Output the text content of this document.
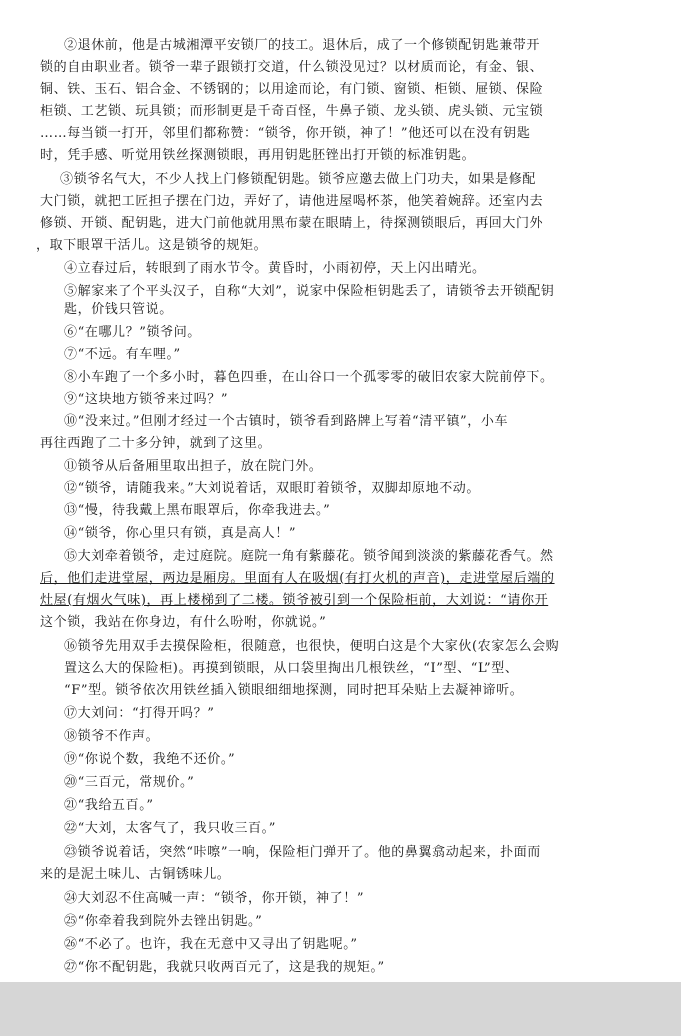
②退休前，他是古城湘潭平安锁厂的技工。退休后，成了一个修锁配钥匙兼带开
锁的自由职业者。锁爷一辈子跟锁打交道，什么锁没见过？以材质而论，有金、银、
铜、铁、玉石、铝合金、不锈钢的；以用途而论，有门锁、窗锁、柜锁、屉锁、保险
柜锁、工艺锁、玩具锁；而形制更是千奇百怪，牛鼻子锁、龙头锁、虎头锁、元宝锁
……每当锁一打开，邻里们都称赞：“锁爷，你开锁，神了！”他还可以在没有钥匙
时，凭手感、听觉用铁丝探测锁眼，再用钥匙胚锉出打开锁的标准钥匙。
③锁爷名气大，不少人找上门修锁配钥匙。锁爷应邀去做上门功夫，如果是修配
大门锁，就把工匠担子摆在门边，弄好了，请他进屋喝杯茶，他笑着婉辞。还室内去
修锁、开锁、配钥匙，进大门前他就用黑布蒙在眼睛上，待探测锁眼后，再回大门外
，取下眼罩干活儿。这是锁爷的规矩。
④立春过后，转眼到了雨水节令。黄昏时，小雨初停，天上闪出晴光。
⑤解家来了个平头汉子，自称“大刘”，说家中保险柜钥匙丢了，请锁爷去开锁配钥
匙，价钱只管说。
⑥“在哪儿？”锁爷问。
⑦“不远。有车哩。”
⑧小车跑了一个多小时，暮色四垂，在山谷口一个孤零零的破旧农家大院前停下。
⑨“这块地方锁爷来过吗？”
⑩“没来过。”但刚才经过一个古镇时，锁爷看到路牌上写着“清平镇”，小车
再往西跑了二十多分钟，就到了这里。
⑪锁爷从后备厢里取出担子，放在院门外。
⑫“锁爷，请随我来。”大刘说着话，双眼盯着锁爷，双脚却原地不动。
⑬“慢，待我戴上黑布眼罩后，你牵我进去。”
⑭“锁爷，你心里只有锁，真是高人！”
⑮大刘牵着锁爷，走过庭院。庭院一角有紫藤花。锁爷闻到淡淡的紫藤花香气。然
后，他们走进堂屋，两边是厢房。里面有人在吸烟(有打火机的声音)，走进堂屋后端的
灶屋(有烟火气味)，再上楼梯到了二楼。锁爷被引到一个保险柜前，大刘说：“请你开
这个锁，我站在你身边，有什么吩咐，你就说。”
⑯锁爷先用双手去摸保险柜，很随意，也很快，便明白这是个大家伙(农家怎么会购
置这么大的保险柜)。再摸到锁眼，从口袋里掏出几根铁丝，“I”型、“L”型、
“F”型。锁爷依次用铁丝插入锁眼细细地探测，同时把耳朵贴上去凝神谛听。
⑰大刘问：“打得开吗？”
⑱锁爷不作声。
⑲“你说个数，我绝不还价。”
⑳“三百元，常规价。”
㉑“我给五百。”
㉒“大刘，太客气了，我只收三百。”
㉓锁爷说着话，突然“咔嚓”一响，保险柜门弹开了。他的鼻翼翕动起来，扑面而
来的是泥土味儿、古铜锈味儿。
㉔大刘忍不住高喊一声：“锁爷，你开锁，神了！”
㉕“你牵着我到院外去锉出钥匙。”
㉖“不必了。也许，我在无意中又寻出了钥匙呢。”
㉗“你不配钥匙，我就只收两百元了，这是我的规矩。”
